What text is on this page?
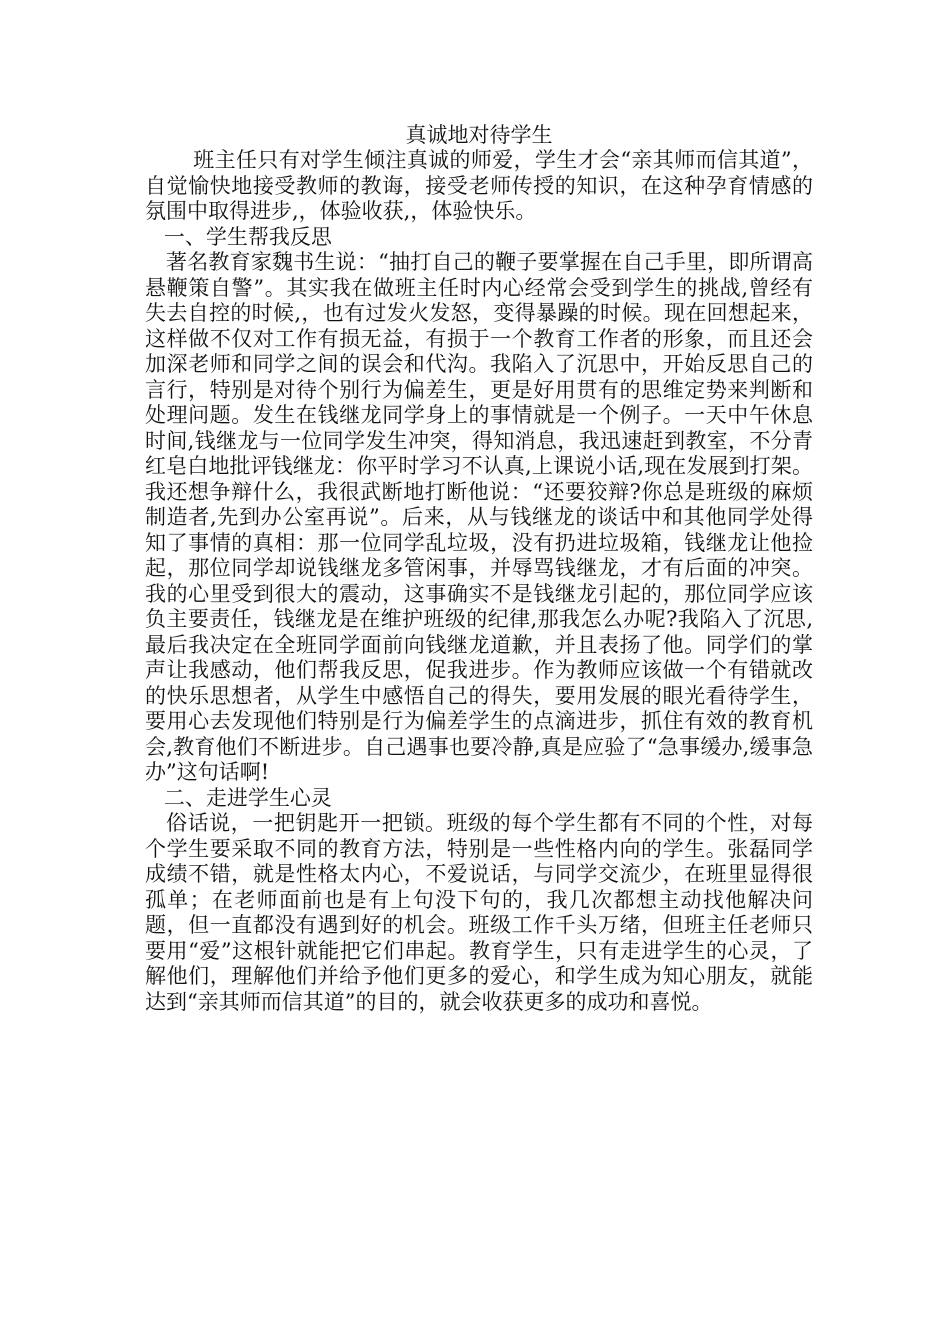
真诚地对待学生

班主任只有对学生倾注真诚的师爱，学生才会“亲其师而信其道”，自觉愉快地接受教师的教诲，接受老师传授的知识，在这种孕育情感的氛围中取得进步,，体验收获,，体验快乐。

一、学生帮我反思

著名教育家魏书生说：“抽打自己的鞭子要掌握在自己手里，即所谓高悬鞭策自警”。其实我在做班主任时内心经常会受到学生的挑战,曾经有失去自控的时候,，也有过发火发怒，变得暴躁的时候。现在回想起来，这样做不仅对工作有损无益，有损于一个教育工作者的形象，而且还会加深老师和同学之间的误会和代沟。我陷入了沉思中，开始反思自己的言行，特别是对待个别行为偏差生，更是好用贯有的思维定势来判断和处理问题。发生在钱继龙同学身上的事情就是一个例子。一天中午休息时间,钱继龙与一位同学发生冲突，得知消息，我迅速赶到教室，不分青红皂白地批评钱继龙：你平时学习不认真,上课说小话,现在发展到打架。我还想争辩什么，我很武断地打断他说：“还要狡辩?你总是班级的麻烦制造者,先到办公室再说”。后来，从与钱继龙的谈话中和其他同学处得知了事情的真相：那一位同学乱垃圾，没有扔进垃圾箱，钱继龙让他捡起，那位同学却说钱继龙多管闲事，并辱骂钱继龙，才有后面的冲突。我的心里受到很大的震动，这事确实不是钱继龙引起的，那位同学应该负主要责任，钱继龙是在维护班级的纪律,那我怎么办呢?我陷入了沉思,最后我决定在全班同学面前向钱继龙道歉，并且表扬了他。同学们的掌声让我感动，他们帮我反思，促我进步。作为教师应该做一个有错就改的快乐思想者，从学生中感悟自己的得失，要用发展的眼光看待学生，要用心去发现他们特别是行为偏差学生的点滴进步，抓住有效的教育机会,教育他们不断进步。自己遇事也要冷静,真是应验了“急事缓办,缓事急办”这句话啊!

二、走进学生心灵

俗话说，一把钥匙开一把锁。班级的每个学生都有不同的个性，对每个学生要采取不同的教育方法，特别是一些性格内向的学生。张磊同学成绩不错，就是性格太内心，不爱说话，与同学交流少，在班里显得很孤单；在老师面前也是有上句没下句的，我几次都想主动找他解决问题，但一直都没有遇到好的机会。班级工作千头万绪，但班主任老师只要用“爱”这根针就能把它们串起。教育学生，只有走进学生的心灵，了解他们，理解他们并给予他们更多的爱心，和学生成为知心朋友，就能达到“亲其师而信其道”的目的，就会收获更多的成功和喜悦。
